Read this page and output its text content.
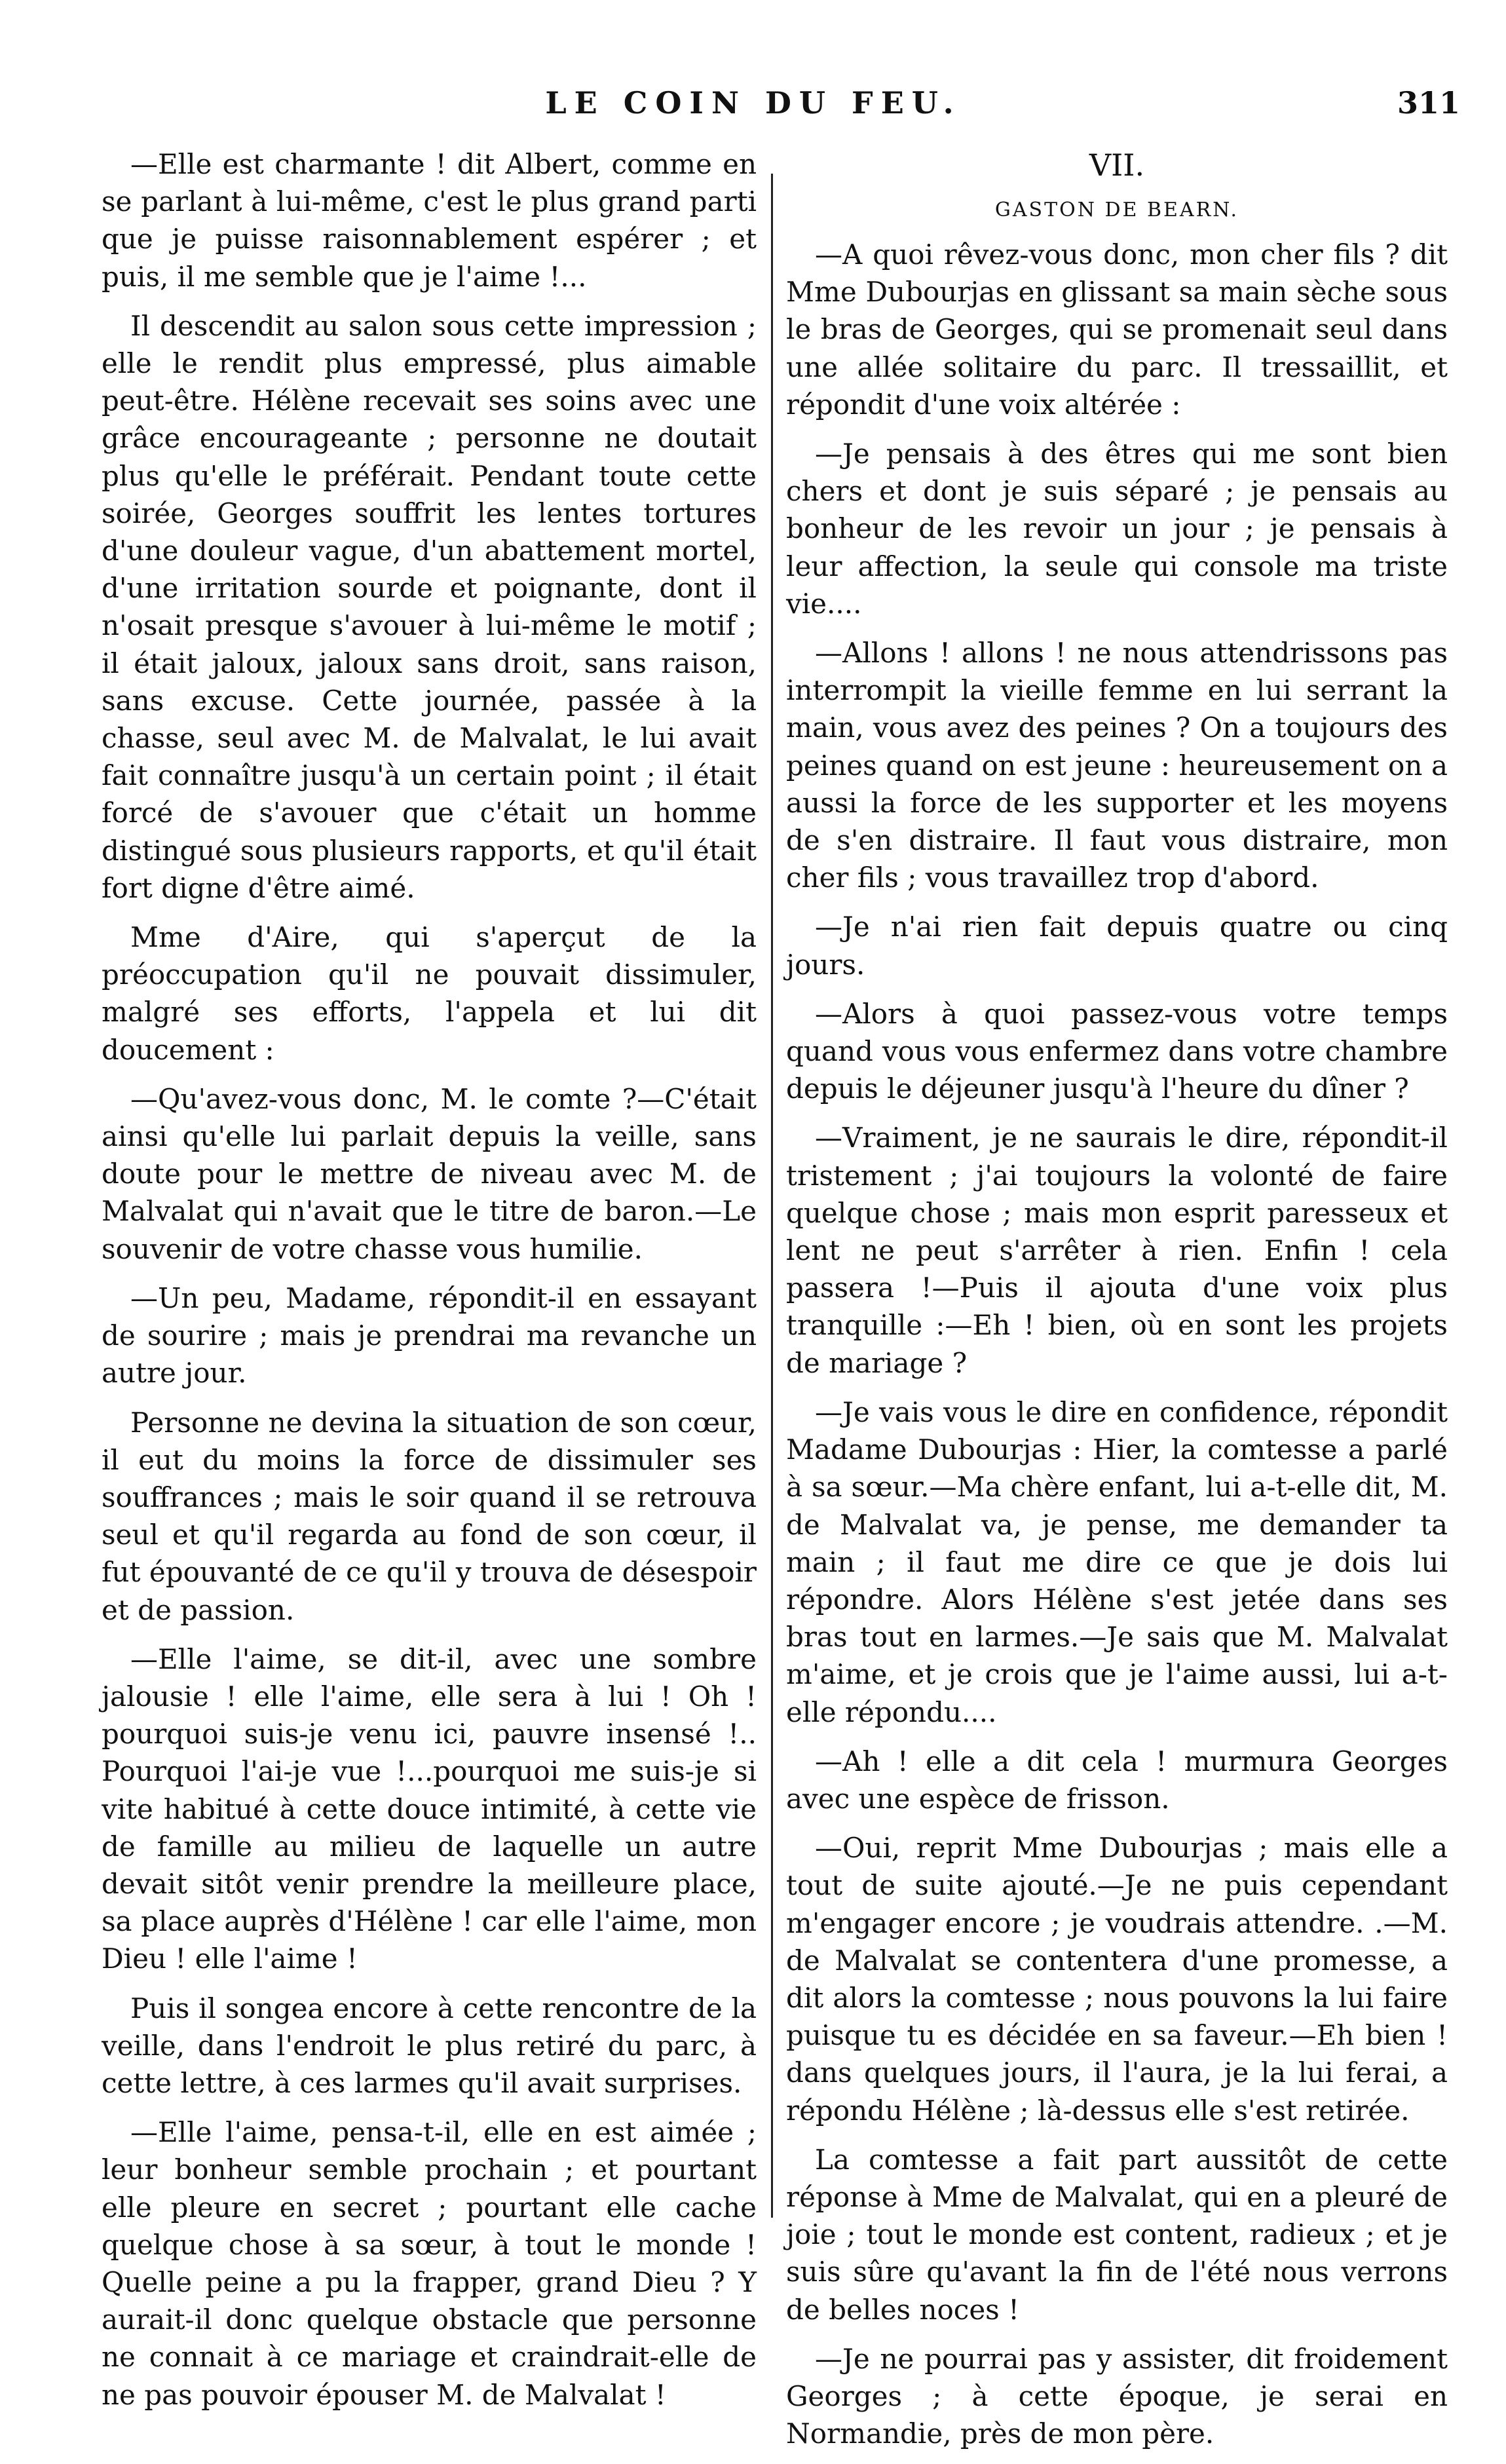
LE COIN DU FEU.	311

—Elle est charmante ! dit Albert, comme en se parlant à lui-même, c'est le plus grand parti que je puisse raisonnablement espérer ; et puis, il me semble que je l'aime !...

Il descendit au salon sous cette impression ; elle le rendit plus empressé, plus aimable peut-être. Hélène recevait ses soins avec une grâce encourageante ; personne ne doutait plus qu'elle le préférait. Pendant toute cette soirée, Georges souffrit les lentes tortures d'une douleur vague, d'un abattement mortel, d'une irritation sourde et poignante, dont il n'osait presque s'avouer à lui-même le motif ; il était jaloux, jaloux sans droit, sans raison, sans excuse. Cette journée, passée à la chasse, seul avec M. de Malvalat, le lui avait fait connaître jusqu'à un certain point ; il était forcé de s'avouer que c'était un homme distingué sous plusieurs rapports, et qu'il était fort digne d'être aimé.

Mme d'Aire, qui s'aperçut de la préoccupation qu'il ne pouvait dissimuler, malgré ses efforts, l'appela et lui dit doucement :

—Qu'avez-vous donc, M. le comte ?—C'était ainsi qu'elle lui parlait depuis la veille, sans doute pour le mettre de niveau avec M. de Malvalat qui n'avait que le titre de baron.—Le souvenir de votre chasse vous humilie.

—Un peu, Madame, répondit-il en essayant de sourire ; mais je prendrai ma revanche un autre jour.

Personne ne devina la situation de son cœur, il eut du moins la force de dissimuler ses souffrances ; mais le soir quand il se retrouva seul et qu'il regarda au fond de son cœur, il fut épouvanté de ce qu'il y trouva de désespoir et de passion.

—Elle l'aime, se dit-il, avec une sombre jalousie ! elle l'aime, elle sera à lui ! Oh ! pourquoi suis-je venu ici, pauvre insensé !.. Pourquoi l'ai-je vue !...pourquoi me suis-je si vite habitué à cette douce intimité, à cette vie de famille au milieu de laquelle un autre devait sitôt venir prendre la meilleure place, sa place auprès d'Hélène ! car elle l'aime, mon Dieu ! elle l'aime !

Puis il songea encore à cette rencontre de la veille, dans l'endroit le plus retiré du parc, à cette lettre, à ces larmes qu'il avait surprises.

—Elle l'aime, pensa-t-il, elle en est aimée ; leur bonheur semble prochain ; et pourtant elle pleure en secret ; pourtant elle cache quelque chose à sa sœur, à tout le monde ! Quelle peine a pu la frapper, grand Dieu ? Y aurait-il donc quelque obstacle que personne ne connait à ce mariage et craindrait-elle de ne pas pouvoir épouser M. de Malvalat !

VII.
GASTON DE BEARN.

—A quoi rêvez-vous donc, mon cher fils ? dit Mme Dubourjas en glissant sa main sèche sous le bras de Georges, qui se promenait seul dans une allée solitaire du parc. Il tressaillit, et répondit d'une voix altérée :

—Je pensais à des êtres qui me sont bien chers et dont je suis séparé ; je pensais au bonheur de les revoir un jour ; je pensais à leur affection, la seule qui console ma triste vie....

—Allons ! allons ! ne nous attendrissons pas interrompit la vieille femme en lui serrant la main, vous avez des peines ? On a toujours des peines quand on est jeune : heureusement on a aussi la force de les supporter et les moyens de s'en distraire. Il faut vous distraire, mon cher fils ; vous travaillez trop d'abord.

—Je n'ai rien fait depuis quatre ou cinq jours.

—Alors à quoi passez-vous votre temps quand vous vous enfermez dans votre chambre depuis le déjeuner jusqu'à l'heure du dîner ?

—Vraiment, je ne saurais le dire, répondit-il tristement ; j'ai toujours la volonté de faire quelque chose ; mais mon esprit paresseux et lent ne peut s'arrêter à rien. Enfin ! cela passera !—Puis il ajouta d'une voix plus tranquille :—Eh ! bien, où en sont les projets de mariage ?

—Je vais vous le dire en confidence, répondit Madame Dubourjas : Hier, la comtesse a parlé à sa sœur.—Ma chère enfant, lui a-t-elle dit, M. de Malvalat va, je pense, me demander ta main ; il faut me dire ce que je dois lui répondre. Alors Hélène s'est jetée dans ses bras tout en larmes.—Je sais que M. Malvalat m'aime, et je crois que je l'aime aussi, lui a-t-elle répondu....

—Ah ! elle a dit cela ! murmura Georges avec une espèce de frisson.

—Oui, reprit Mme Dubourjas ; mais elle a tout de suite ajouté.—Je ne puis cependant m'engager encore ; je voudrais attendre. .—M. de Malvalat se contentera d'une promesse, a dit alors la comtesse ; nous pouvons la lui faire puisque tu es décidée en sa faveur.—Eh bien ! dans quelques jours, il l'aura, je la lui ferai, a répondu Hélène ; là-dessus elle s'est retirée.

La comtesse a fait part aussitôt de cette réponse à Mme de Malvalat, qui en a pleuré de joie ; tout le monde est content, radieux ; et je suis sûre qu'avant la fin de l'été nous verrons de belles noces !

—Je ne pourrai pas y assister, dit froidement Georges ; à cette époque, je serai en Normandie, près de mon père.
